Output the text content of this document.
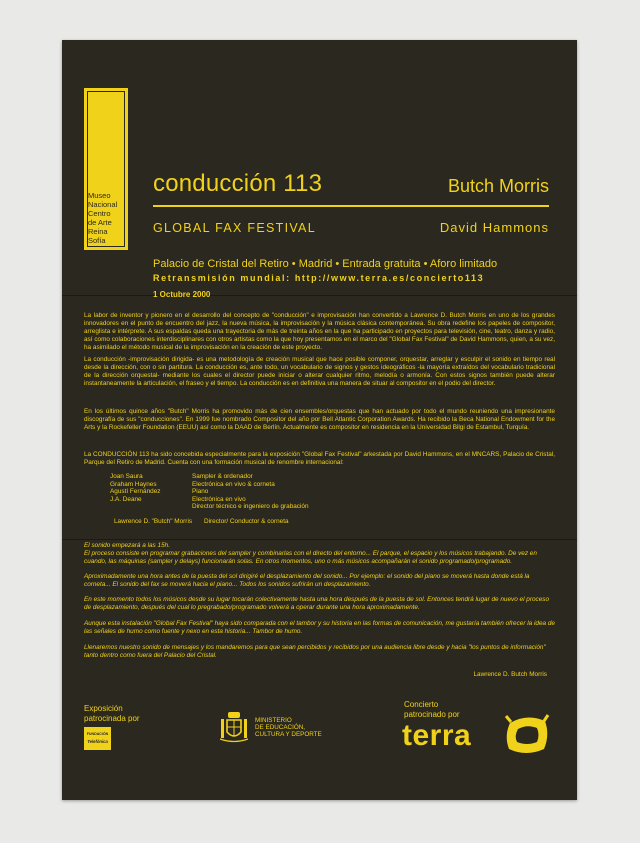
Museo
Nacional
Centro
de Arte
Reina
Sofía
conducción 113	Butch Morris
GLOBAL FAX FESTIVAL	David Hammons
Palacio de Cristal del Retiro • Madrid • Entrada gratuita • Aforo limitado
Retransmisión mundial: http://www.terra.es/concierto113
1 Octubre 2000

La labor de inventor y pionero en el desarrollo del concepto de "conducción" e improvisación han convertido a Lawrence D. Butch Morris en uno de los grandes innovadores en el punto de encuentro del jazz, la nueva música, la improvisación y la música clásica contemporánea. Su obra redefine los papeles de compositor, arreglista e intérprete. A sus espaldas queda una trayectoria de más de treinta años en la que ha participado en proyectos para televisión, cine, teatro, danza y radio, así como colaboraciones interdisciplinares con otros artistas como la que hoy presentamos en el marco del "Global Fax Festival" de David Hammons, quien, a su vez, ha asimilado el método musical de la improvisación en la creación de este proyecto.

La conducción -improvisación dirigida- es una metodología de creación musical que hace posible componer, orquestar, arreglar y esculpir el sonido en tiempo real desde la dirección, con o sin partitura. La conducción es, ante todo, un vocabulario de signos y gestos ideográficos -la mayoría extraídos del vocabulario tradicional de la dirección orquestal- mediante los cuales el director puede iniciar o alterar cualquier ritmo, melodía o armonía. Con estos signos también puede alterar instantaneamente la articulación, el fraseo y el tiempo. La conducción es en definitiva una manera de situar al compositor en el podio del director.

En los últimos quince años "Butch" Morris ha promovido más de cien ensembles/orquestas que han actuado por todo el mundo reuniendo una impresionante discografía de sus "conducciones". En 1999 fue nombrado Compositor del año por Bell Atlantic Corporation Awards. Ha recibido la Beca National Endowment for the Arts y la Rockefeller Foundation (EEUU) así como la DAAD de Berlín. Actualmente es compositor en residencia en la Universidad Bilgi de Estambul, Turquía.

La CONDUCCIÓN 113 ha sido concebida especialmente para la exposición "Global Fax Festival" arkestada por David Hammons, en el MNCARS, Palacio de Cristal, Parque del Retiro de Madrid. Cuenta con una formación musical de renombre internacional:

Joan Saura	Sampler & ordenador
Graham Haynes	Electrónica en vivo & corneta
Agustí Fernández	Piano
J.A. Deane	Electrónica en vivo
Director técnico e ingeniero de grabación
Lawrence D. "Butch" Morris	Director/ Conductor & corneta

El sonido empezará a las 15h.

El proceso consiste en programar grabaciones del sampler y combinarlas con el directo del entorno... El parque, el espacio y los músicos trabajando. De vez en cuando, las máquinas (sampler y delays) funcionarán solas. En otros momentos, uno o más músicos acompañarán el sonido programado/programado.

Aproximadamente una hora antes de la puesta del sol dirigiré el desplazamiento del sonido... Por ejemplo: el sonido del piano se moverá hasta donde está la corneta... El sonido del fax se moverá hacia el piano... Todos los sonidos sufrirán un desplazamiento.

En este momento todos los músicos desde su lugar tocarán colectivamente hasta una hora después de la puesta de sol. Entonces tendrá lugar de nuevo el proceso de desplazamiento, después del cual lo pregrabado/programado volverá a operar durante una hora aproximadamente.

Aunque esta instalación "Global Fax Festival" haya sido comparada con el tambor y su historia en las formas de comunicación, me gustaría también ofrecer la idea de las señales de humo como fuente y nexo en esta historia... Tambor de humo.

Llenaremos nuestro sonido de mensajes y los mandaremos para que sean percibidos y recibidos por una audiencia libre desde y hacia "los puntos de información" tanto dentro como fuera del Palacio del Cristal.

Lawrence D. Butch Morris
Exposición
patrocinada por
FUNDACIÓN
Telefónica
MINISTERIO
DE EDUCACIÓN,
CULTURA Y DEPORTE
Concierto
patrocinado por
terra
